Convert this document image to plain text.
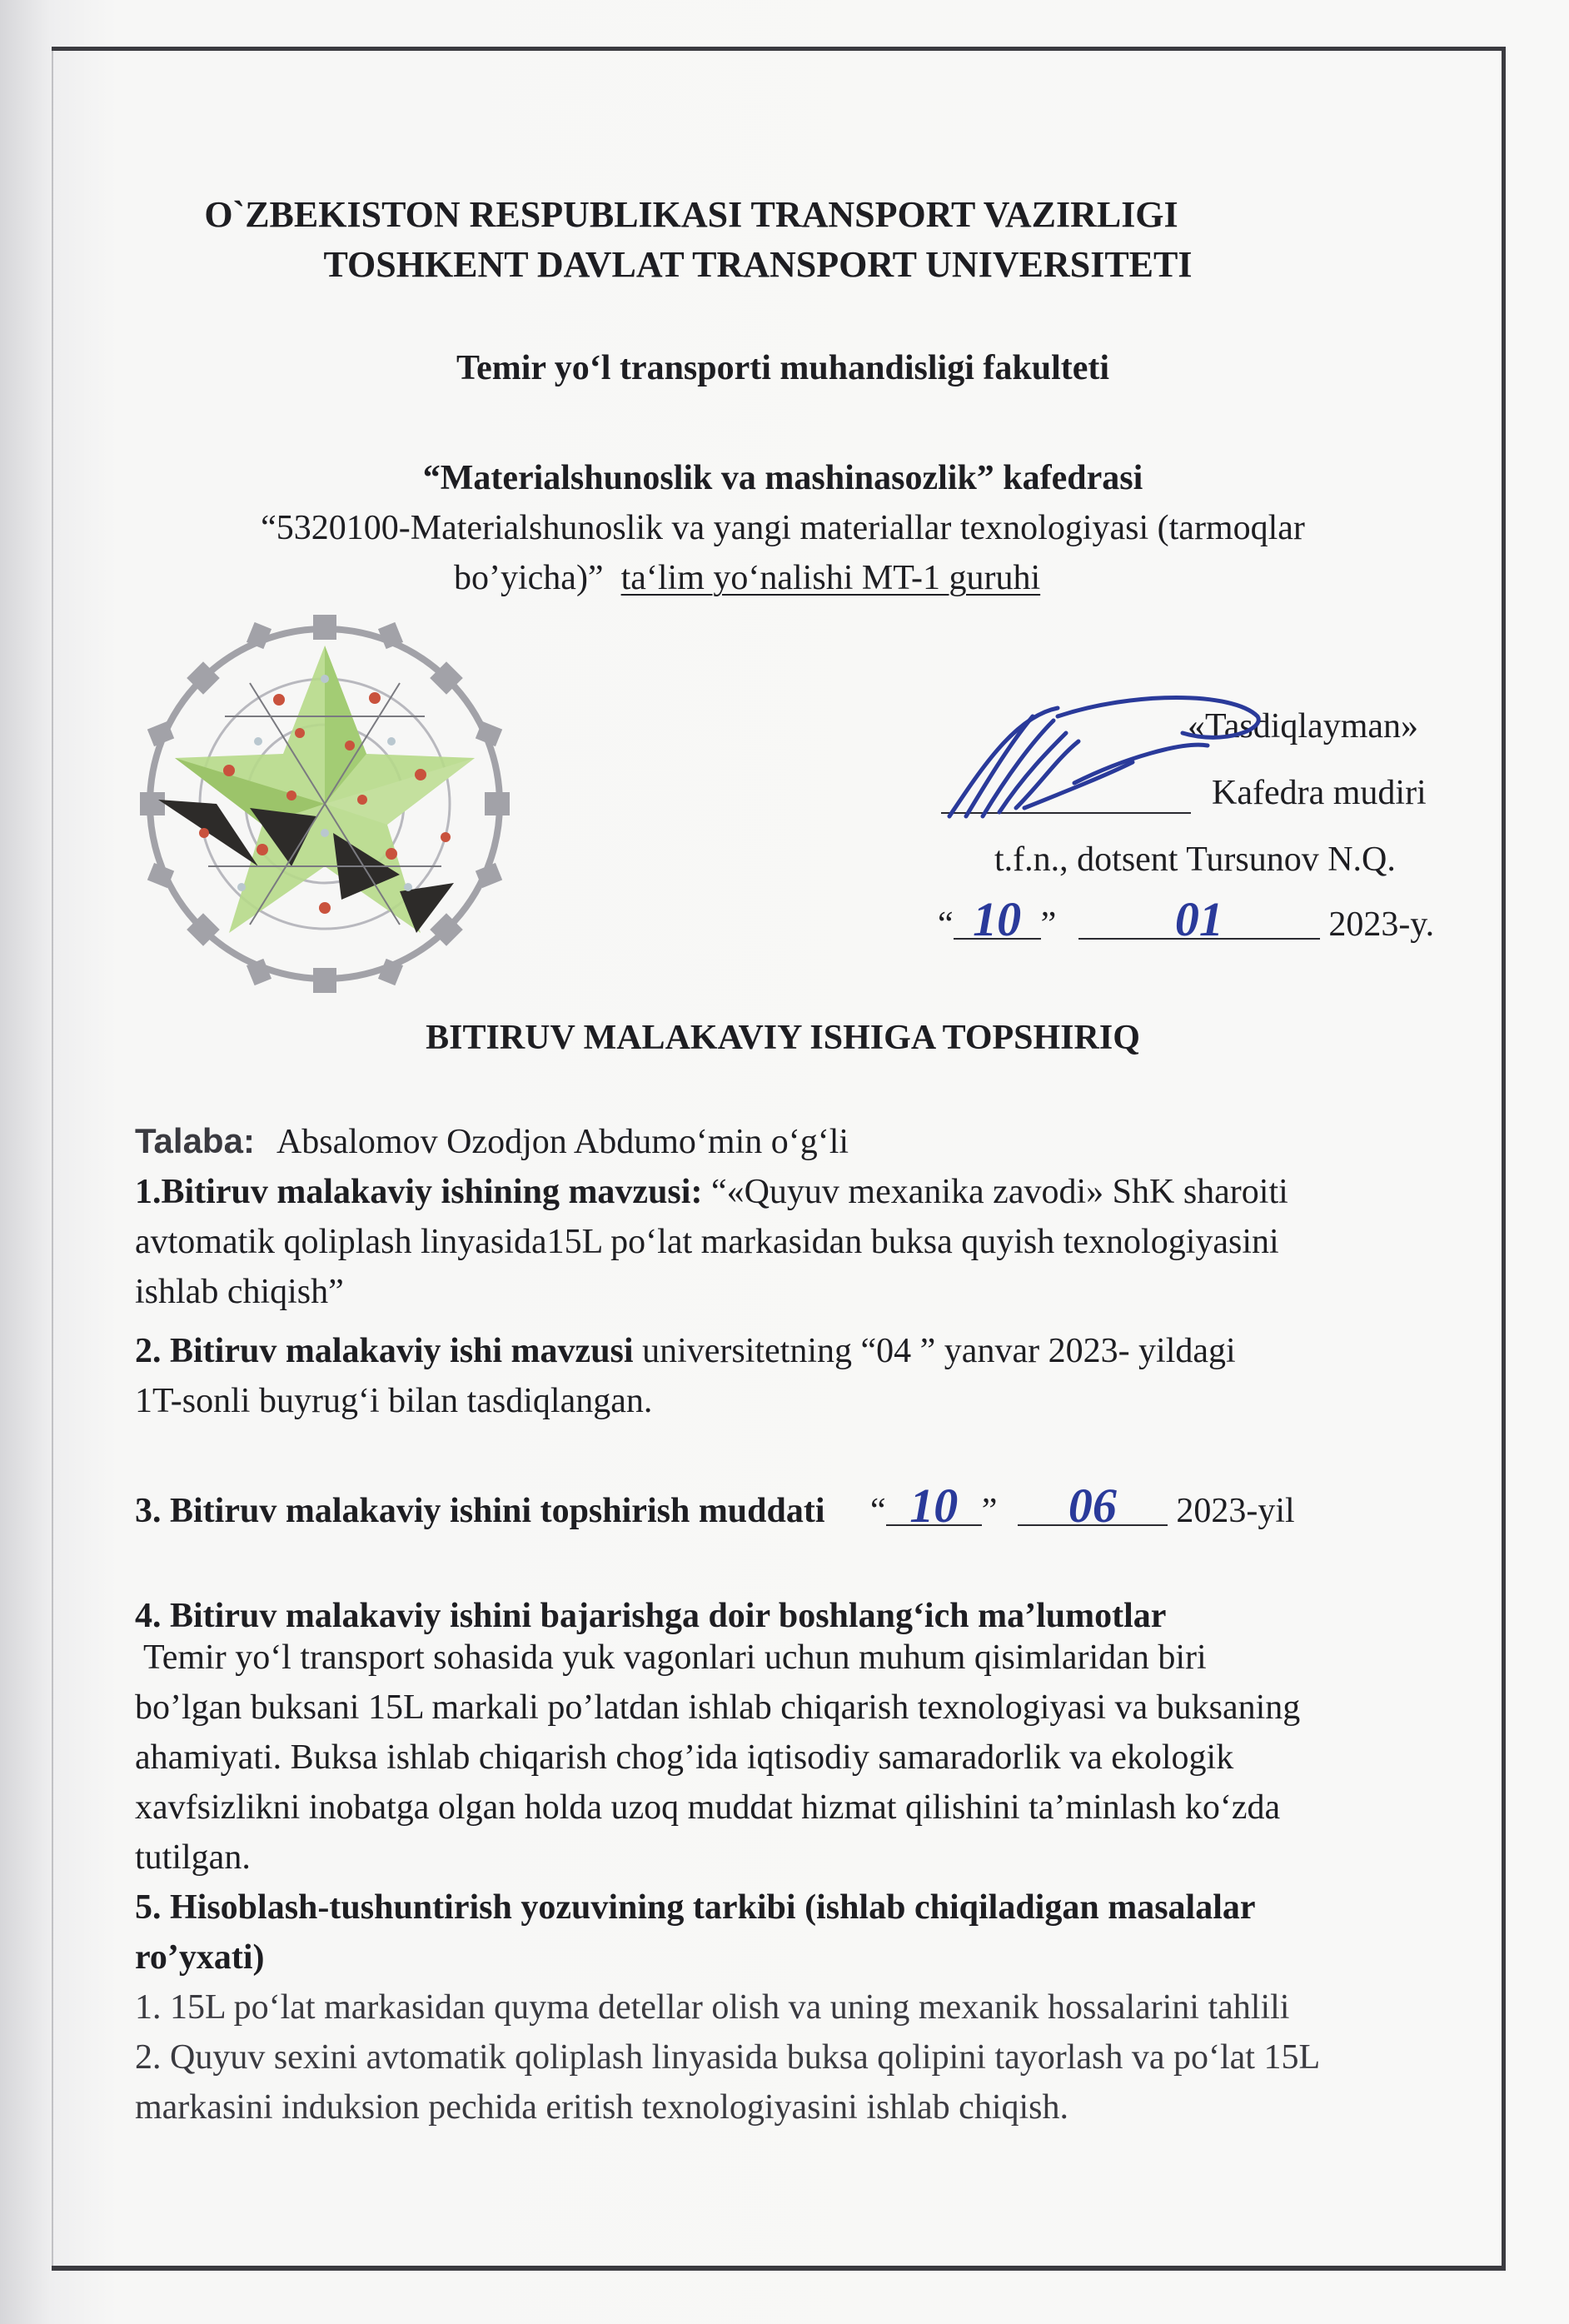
O`ZBEKISTON RESPUBLIKASI TRANSPORT VAZIRLIGI
TOSHKENT DAVLAT TRANSPORT UNIVERSITETI
Temir yo‘l transporti muhandisligi fakulteti
“Materialshunoslik va mashinasozlik” kafedrasi
“5320100-Materialshunoslik va yangi materiallar texnologiyasi (tarmoqlar
bo’yicha)” ta‘lim yo‘nalishi MT-1 guruhi
«Tasdiqlayman»
Kafedra mudiri
t.f.n., dotsent Tursunov N.Q.
“ 10 ” 01	2023-y.
BITIRUV MALAKAVIY ISHIGA TOPSHIRIQ
Talaba: Absalomov Ozodjon Abdumo‘min o‘g‘li
1.Bitiruv malakaviy ishining mavzusi: “«Quyuv mexanika zavodi» ShK sharoiti
avtomatik qoliplash linyasida15L po‘lat markasidan buksa quyish texnologiyasini
ishlab chiqish”
2. Bitiruv malakaviy ishi mavzusi universitetning “04 ” yanvar 2023- yildagi
1T-sonli buyrug‘i bilan tasdiqlangan.
3. Bitiruv malakaviy ishini topshirish muddati “ 10 ” 06 2023-yil
4. Bitiruv malakaviy ishini bajarishga doir boshlang‘ich ma’lumotlar
Temir yo‘l transport sohasida yuk vagonlari uchun muhum qisimlaridan biri
bo’lgan buksani 15L markali po’latdan ishlab chiqarish texnologiyasi va buksaning
ahamiyati. Buksa ishlab chiqarish chog’ida iqtisodiy samaradorlik va ekologik
xavfsizlikni inobatga olgan holda uzoq muddat hizmat qilishini ta’minlash ko‘zda
tutilgan.
5. Hisoblash-tushuntirish yozuvining tarkibi (ishlab chiqiladigan masalalar
ro’yxati)
1. 15L po‘lat markasidan quyma detellar olish va uning mexanik hossalarini tahlili
2. Quyuv sexini avtomatik qoliplash linyasida buksa qolipini tayorlash va po‘lat 15L
markasini induksion pechida eritish texnologiyasini ishlab chiqish.
